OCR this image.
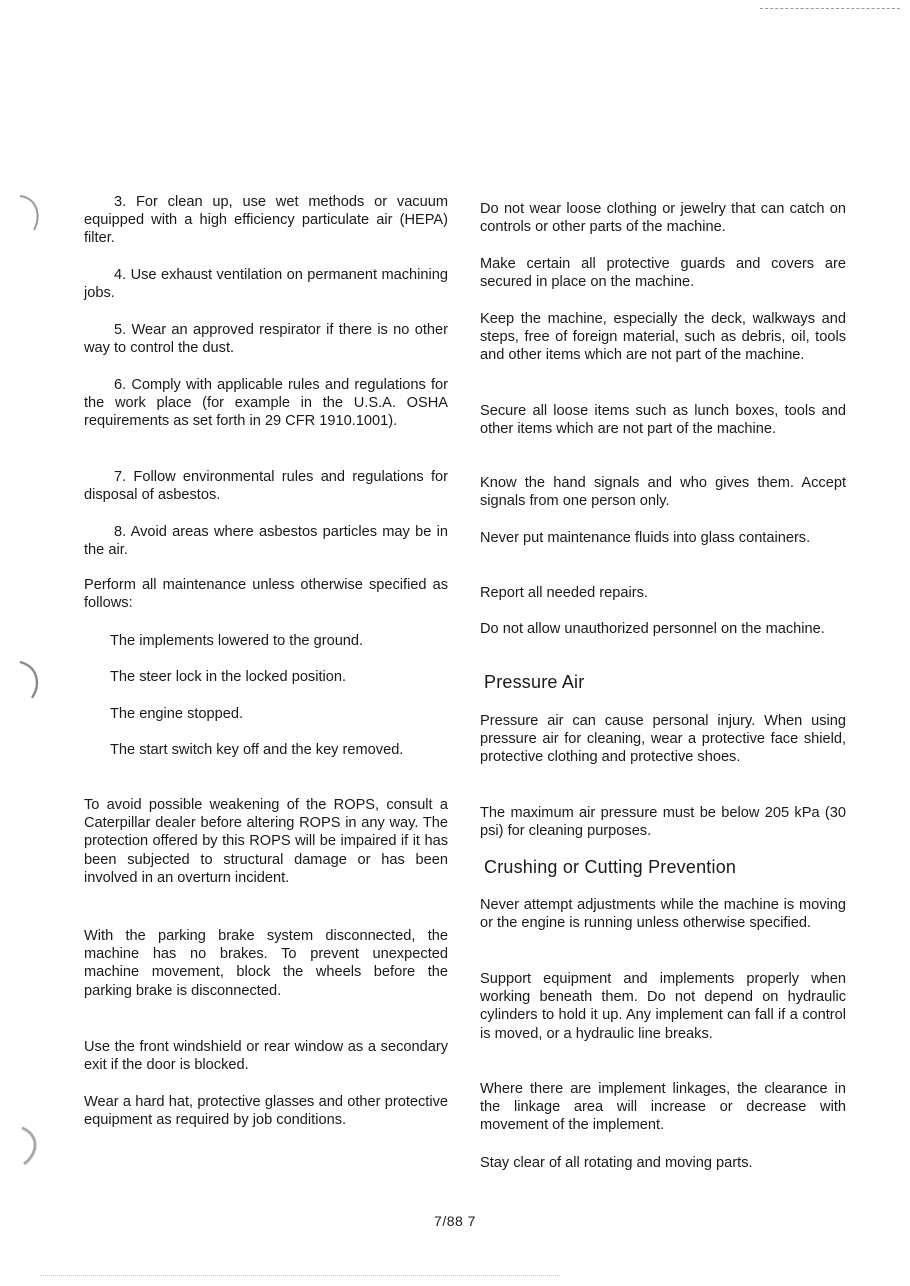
3. For clean up, use wet methods or vacuum equipped with a high efficiency particulate air (HEPA) filter.

4. Use exhaust ventilation on permanent machining jobs.

5. Wear an approved respirator if there is no other way to control the dust.

6. Comply with applicable rules and regulations for the work place (for example in the U.S.A. OSHA requirements as set forth in 29 CFR 1910.1001).

7. Follow environmental rules and regulations for disposal of asbestos.

8. Avoid areas where asbestos particles may be in the air.

Perform all maintenance unless otherwise specified as follows:

The implements lowered to the ground.

The steer lock in the locked position.

The engine stopped.

The start switch key off and the key removed.

To avoid possible weakening of the ROPS, consult a Caterpillar dealer before altering ROPS in any way. The protection offered by this ROPS will be impaired if it has been subjected to structural damage or has been involved in an overturn incident.

With the parking brake system disconnected, the machine has no brakes. To prevent unexpected machine movement, block the wheels before the parking brake is disconnected.

Use the front windshield or rear window as a secondary exit if the door is blocked.

Wear a hard hat, protective glasses and other protective equipment as required by job conditions.

Do not wear loose clothing or jewelry that can catch on controls or other parts of the machine.

Make certain all protective guards and covers are secured in place on the machine.

Keep the machine, especially the deck, walkways and steps, free of foreign material, such as debris, oil, tools and other items which are not part of the machine.

Secure all loose items such as lunch boxes, tools and other items which are not part of the machine.

Know the hand signals and who gives them. Accept signals from one person only.

Never put maintenance fluids into glass containers.

Report all needed repairs.

Do not allow unauthorized personnel on the machine.

Pressure Air

Pressure air can cause personal injury. When using pressure air for cleaning, wear a protective face shield, protective clothing and protective shoes.

The maximum air pressure must be below 205 kPa (30 psi) for cleaning purposes.

Crushing or Cutting Prevention

Never attempt adjustments while the machine is moving or the engine is running unless otherwise specified.

Support equipment and implements properly when working beneath them. Do not depend on hydraulic cylinders to hold it up. Any implement can fall if a control is moved, or a hydraulic line breaks.

Where there are implement linkages, the clearance in the linkage area will increase or decrease with movement of the implement.

Stay clear of all rotating and moving parts.

7/88 7
